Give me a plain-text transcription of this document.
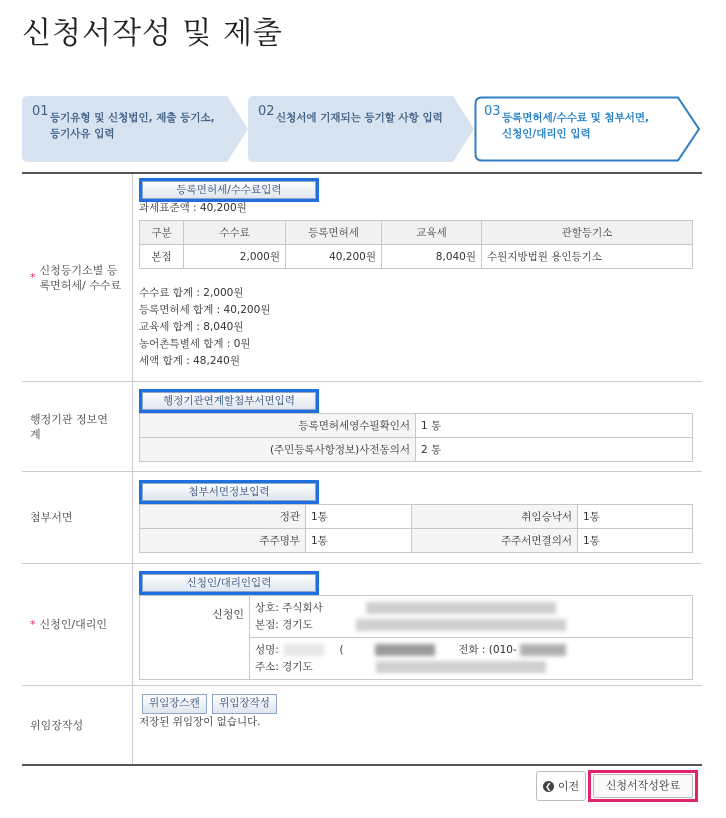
신청서작성 및 제출
01 등기유형 및 신청법인, 제출 등기소,
등기사유 입력
02 신청서에 기재되는 등기할 사항 입력	03 등록면허세/수수료 및 첨부서면,
신청인/대리인 입력
*
신청등기소별 등록면허세/ 수수료
등록면허세/수수료입력
과세표준액 : 40,200원
구분	수수료	등록면허세	교육세	관할등기소
본점	2,000원	40,200원	8,040원	수원지방법원 용인등기소
수수료 합계 : 2,000원
등록면허세 합계 : 40,200원
교육세 합계 : 8,040원
농어촌특별세 합계 : 0원
세액 합계 : 48,240원
행정기관 정보연계
행정기관연계할첨부서면입력
등록면허세영수필확인서	1 통
(주민등록사항정보)사전동의서	2 통
첨부서면
첨부서면정보입력
정관	1통	취임승낙서	1통
주주명부	1통	주주서면결의서	1통
* 신청인/대리인
신청인/대리인입력
신청인	
상호: 주식회사
본점: 경기도

성명:	(	전화 : (010-
주소: 경기도
위임장작성
위임장스캔 위임장작성
저장된 위임장이 없습니다.
❮ 이전	신청서작성완료
